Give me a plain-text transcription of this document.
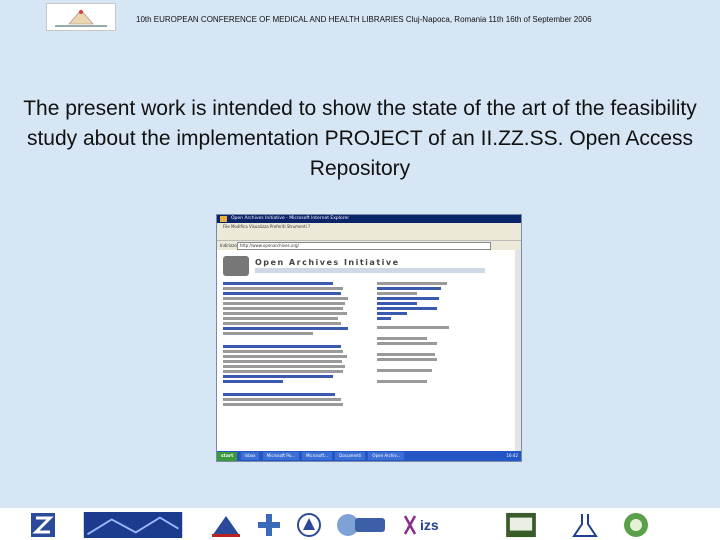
10th EUROPEAN CONFERENCE OF MEDICAL AND HEALTH LIBRARIES Cluj-Napoca, Romania 11th 16th of September 2006
The present work is intended to show the state of the art of the feasibility study about the implementation PROJECT of an II.ZZ.SS. Open Access Repository
Open Archives Initiative - Microsoft Internet Explorer
File Modifica Visualizza Preferiti Strumenti ?
Indirizzo http://www.openarchives.org/
Open Archives Initiative
start	Inbox	Microsoft Po...	Microsoft...	Documenti	Open Archiv...	16:42
izs
